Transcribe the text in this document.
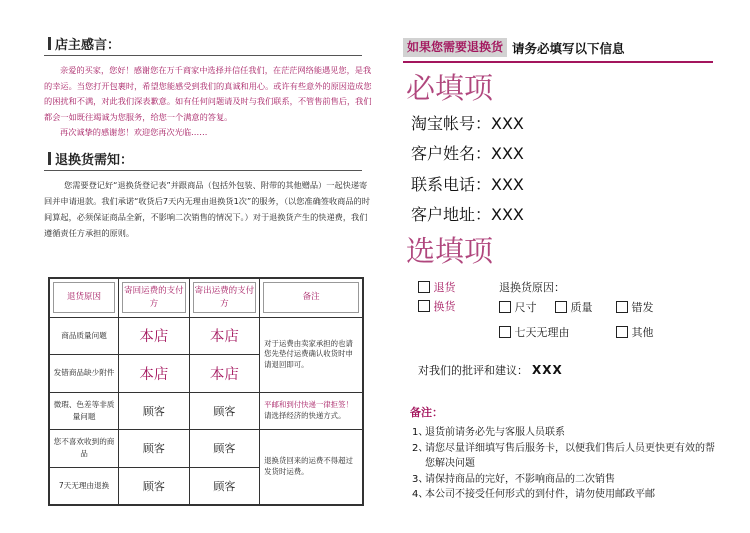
店主感言：

亲爱的买家，您好！感谢您在万千商家中选择并信任我们，在茫茫网络能遇见您，是我的幸运。当您打开包裹时，希望您能感受到我们的真诚和用心。或许有些意外的原因造成您的困扰和不满，对此我们深表歉意。如有任何问题请及时与我们联系，不管售前售后，我们都会一如既往竭诚为您服务，给您一个满意的答复。

再次诚挚的感谢您！欢迎您再次光临……

退换货需知：

您需要登记好“退换货登记表”并跟商品（包括外包装、附带的其他赠品）一起快递寄回并申请退款。我们承诺“收货后7天内无理由退换货1次”的服务，（以您准确签收商品的时间算起，必须保证商品全新，不影响二次销售的情况下。）对于退换货产生的快递费，我们遵循责任方承担的原则。

退货原因	寄回运费的支付方	寄出运费的支付方	备注

商品质量问题	本店	本店	对于运费由卖家承担的也请您先垫付运费确认收货时申请退回即可。
发错商品缺少附件	本店	本店	
微瑕、色差等非质量问题	顾客	顾客	平邮和到付快递一律拒签！
请选择经济的快递方式。
您不喜欢收到的商品	顾客	顾客	退换货回来的运费不得超过发货时运费。
7天无理由退换	顾客	顾客	
如果您需要退换货 请务必填写以下信息
必填项
淘宝帐号：XXX
客户姓名：XXX
联系电话：XXX
客户地址：XXX
选填项
退货
换货
退换货原因：
尺寸	质量	错发
七天无理由	其他
对我们的批评和建议： XXX
备注：
1、
退货前请务必先与客服人员联系
2、
请您尽量详细填写售后服务卡，以便我们售后人员更快更有效的帮您解决问题
3、
请保持商品的完好，不影响商品的二次销售
4、
本公司不接受任何形式的到付件，请勿使用邮政平邮
